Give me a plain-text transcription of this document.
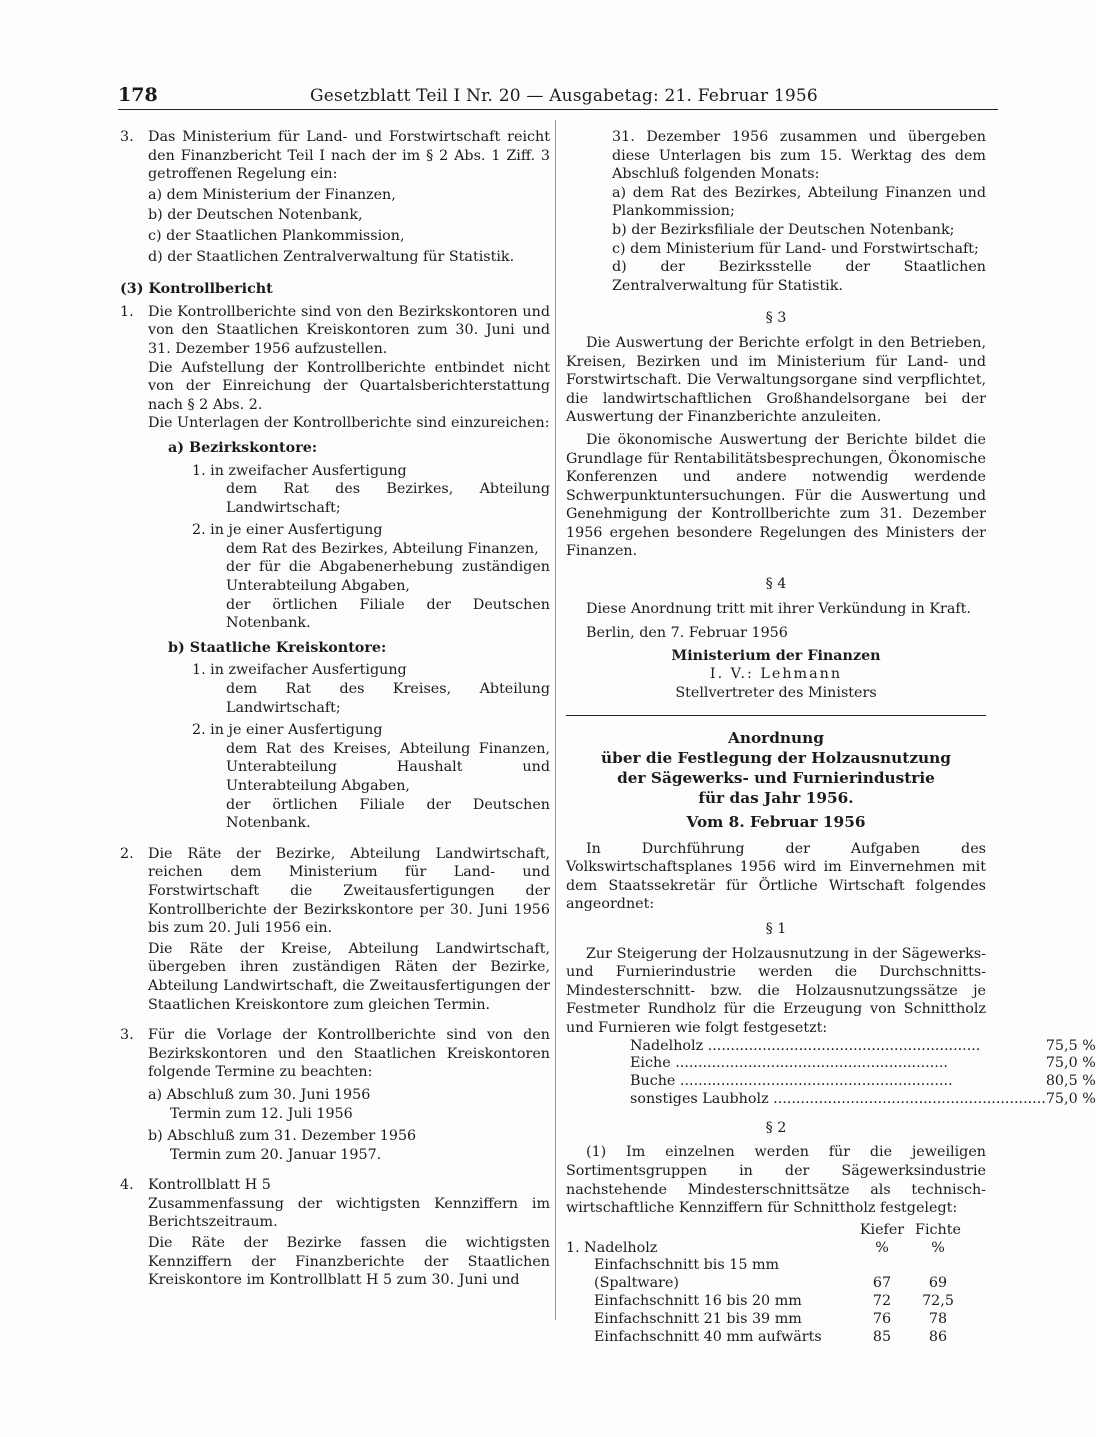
178	Gesetzblatt Teil I Nr. 20 — Ausgabetag: 21. Februar 1956
3. Das Ministerium für Land- und Forstwirtschaft reicht den Finanzbericht Teil I nach der im § 2 Abs. 1 Ziff. 3 getroffenen Regelung ein:

a) dem Ministerium der Finanzen,

b) der Deutschen Notenbank,

c) der Staatlichen Plankommission,

d) der Staatlichen Zentralverwaltung für Statistik.

(3) Kontrollbericht

1. Die Kontrollberichte sind von den Bezirkskontoren und von den Staatlichen Kreiskontoren zum 30. Juni und 31. Dezember 1956 aufzustellen.

Die Aufstellung der Kontrollberichte entbindet nicht von der Einreichung der Quartalsberichterstattung nach § 2 Abs. 2.

Die Unterlagen der Kontrollberichte sind einzureichen:

a) Bezirkskontore:

1. in zweifacher Ausfertigung

dem Rat des Bezirkes, Abteilung Landwirtschaft;

2. in je einer Ausfertigung

dem Rat des Bezirkes, Abteilung Finanzen,

der für die Abgabenerhebung zuständigen Unterabteilung Abgaben,

der örtlichen Filiale der Deutschen Notenbank.

b) Staatliche Kreiskontore:

1. in zweifacher Ausfertigung

dem Rat des Kreises, Abteilung Landwirtschaft;

2. in je einer Ausfertigung

dem Rat des Kreises, Abteilung Finanzen, Unterabteilung Haushalt und Unterabteilung Abgaben,

der örtlichen Filiale der Deutschen Notenbank.

2. Die Räte der Bezirke, Abteilung Landwirtschaft, reichen dem Ministerium für Land- und Forstwirtschaft die Zweitausfertigungen der Kontrollberichte der Bezirkskontore per 30. Juni 1956 bis zum 20. Juli 1956 ein.

Die Räte der Kreise, Abteilung Landwirtschaft, übergeben ihren zuständigen Räten der Bezirke, Abteilung Landwirtschaft, die Zweitausfertigungen der Staatlichen Kreiskontore zum gleichen Termin.

3. Für die Vorlage der Kontrollberichte sind von den Bezirkskontoren und den Staatlichen Kreiskontoren folgende Termine zu beachten:

a) Abschluß zum 30. Juni 1956

Termin zum 12. Juli 1956

b) Abschluß zum 31. Dezember 1956

Termin zum 20. Januar 1957.

4. Kontrollblatt H 5

Zusammenfassung der wichtigsten Kennziffern im Berichtszeitraum.

Die Räte der Bezirke fassen die wichtigsten Kennziffern der Finanzberichte der Staatlichen Kreiskontore im Kontrollblatt H 5 zum 30. Juni und

31. Dezember 1956 zusammen und übergeben diese Unterlagen bis zum 15. Werktag des dem Abschluß folgenden Monats:

a) dem Rat des Bezirkes, Abteilung Finanzen und Plankommission;

b) der Bezirksfiliale der Deutschen Notenbank;

c) dem Ministerium für Land- und Forstwirtschaft;

d) der Bezirksstelle der Staatlichen Zentralverwaltung für Statistik.

§ 3

Die Auswertung der Berichte erfolgt in den Betrieben, Kreisen, Bezirken und im Ministerium für Land- und Forstwirtschaft. Die Verwaltungsorgane sind verpflichtet, die landwirtschaftlichen Großhandelsorgane bei der Auswertung der Finanzberichte anzuleiten.

Die ökonomische Auswertung der Berichte bildet die Grundlage für Rentabilitätsbesprechungen, Ökonomische Konferenzen und andere notwendig werdende Schwerpunktuntersuchungen. Für die Auswertung und Genehmigung der Kontrollberichte zum 31. Dezember 1956 ergehen besondere Regelungen des Ministers der Finanzen.

§ 4

Diese Anordnung tritt mit ihrer Verkündung in Kraft.

Berlin, den 7. Februar 1956

Ministerium der Finanzen

I. V.: Lehmann

Stellvertreter des Ministers

Anordnung

über die Festlegung der Holzausnutzung

der Sägewerks- und Furnierindustrie

für das Jahr 1956.

Vom 8. Februar 1956

In Durchführung der Aufgaben des Volkswirtschaftsplanes 1956 wird im Einvernehmen mit dem Staatssekretär für Örtliche Wirtschaft folgendes angeordnet:

§ 1

Zur Steigerung der Holzausnutzung in der Sägewerks- und Furnierindustrie werden die Durchschnitts-Mindesterschnitt- bzw. die Holzausnutzungssätze je Festmeter Rundholz für die Erzeugung von Schnittholz und Furnieren wie folgt festgesetzt:

Nadelholz ............................................................	75,5 %
Eiche ............................................................	75,0 %
Buche ............................................................	80,5 %
sonstiges Laubholz ............................................................	75,0 %

§ 2

(1) Im einzelnen werden für die jeweiligen Sortimentsgruppen in der Sägewerksindustrie nachstehende Mindesterschnittsätze als technisch-wirtschaftliche Kennziffern für Schnittholz festgelegt:

	Kiefer	Fichte
1. Nadelholz	%	%
Einfachschnitt bis 15 mm (Spaltware)	67	69
Einfachschnitt 16 bis 20 mm	72	72,5
Einfachschnitt 21 bis 39 mm	76	78
Einfachschnitt 40 mm aufwärts	85	86
